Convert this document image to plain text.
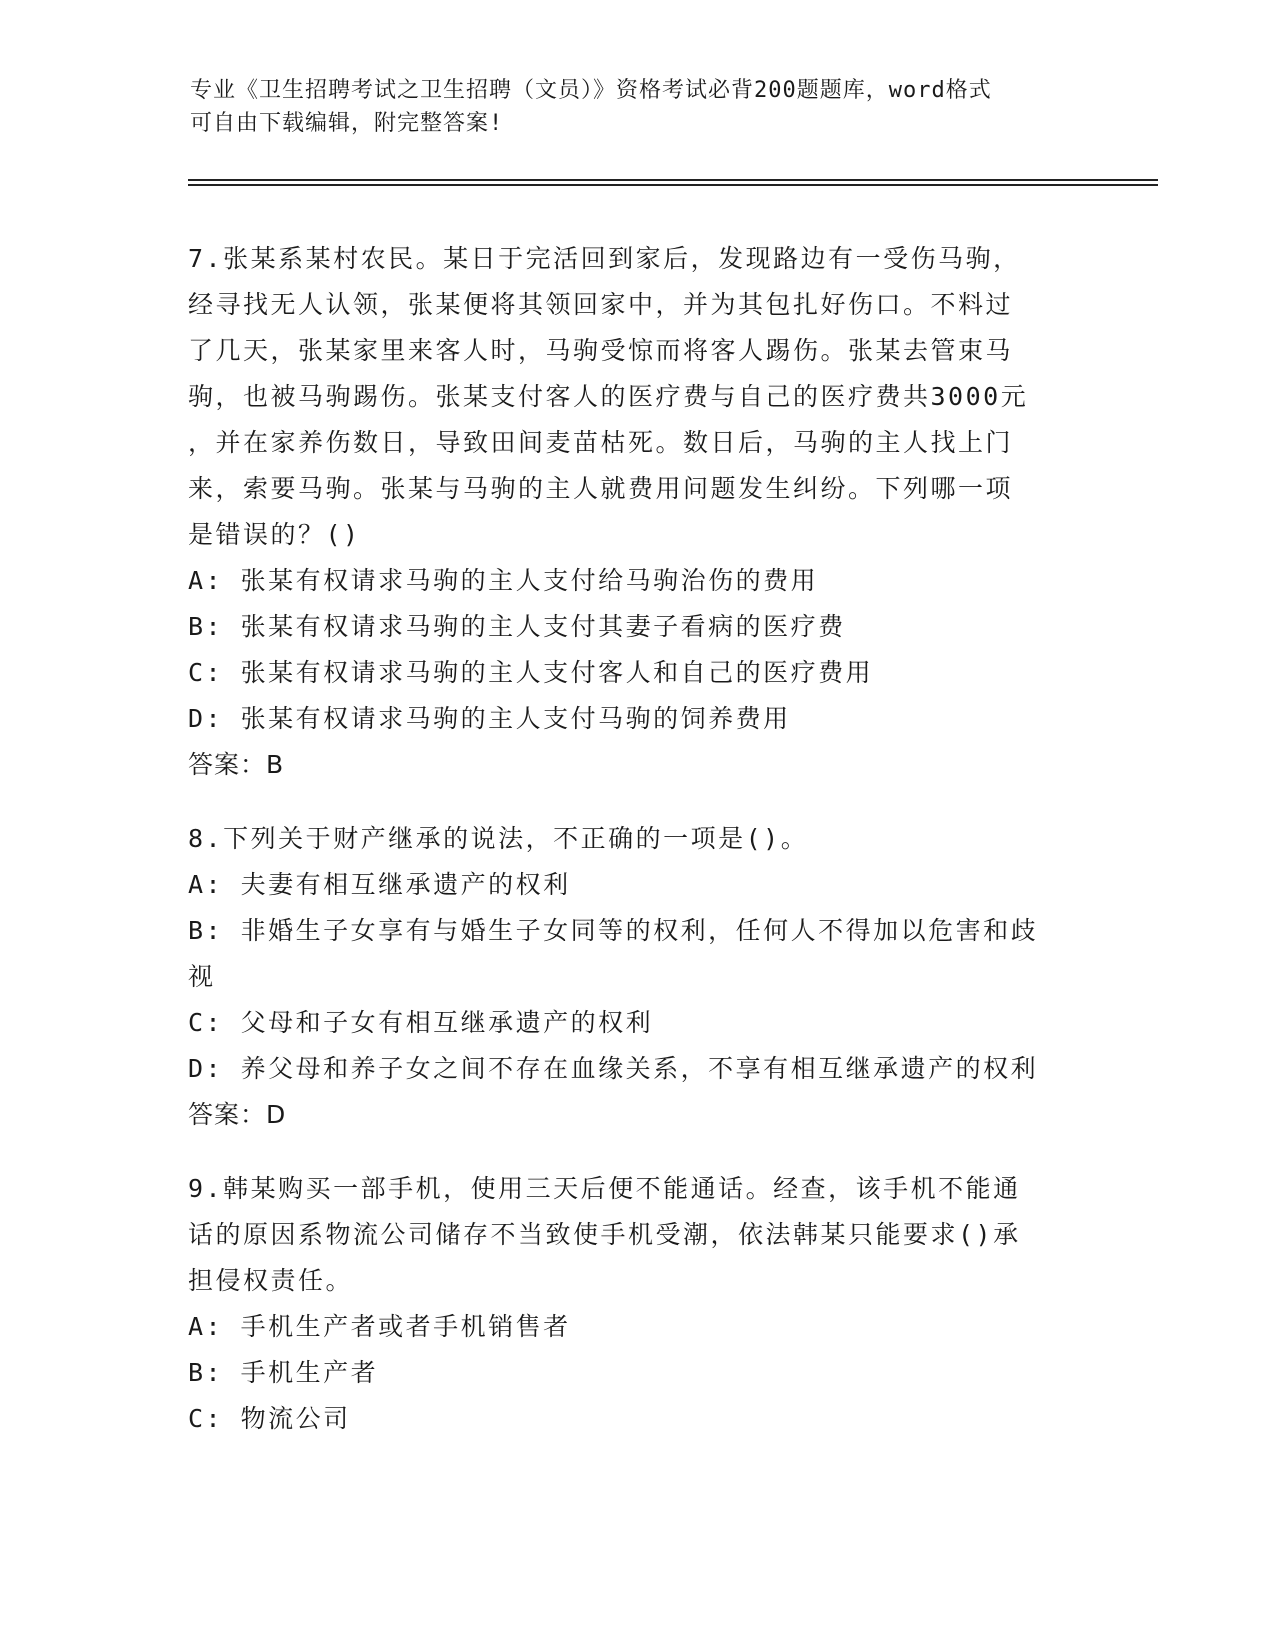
专业《卫生招聘考试之卫生招聘（文员）》资格考试必背200题题库，word格式
可自由下载编辑，附完整答案!
7.张某系某村农民。某日于完活回到家后，发现路边有一受伤马驹，
经寻找无人认领，张某便将其领回家中，并为其包扎好伤口。不料过
了几天，张某家里来客人时，马驹受惊而将客人踢伤。张某去管束马
驹，也被马驹踢伤。张某支付客人的医疗费与自己的医疗费共3000元
，并在家养伤数日，导致田间麦苗枯死。数日后，马驹的主人找上门
来，索要马驹。张某与马驹的主人就费用问题发生纠纷。下列哪一项
是错误的？()
A: 张某有权请求马驹的主人支付给马驹治伤的费用
B: 张某有权请求马驹的主人支付其妻子看病的医疗费
C: 张某有权请求马驹的主人支付客人和自己的医疗费用
D: 张某有权请求马驹的主人支付马驹的饲养费用
答案：B
8.下列关于财产继承的说法，不正确的一项是()。
A: 夫妻有相互继承遗产的权利
B: 非婚生子女享有与婚生子女同等的权利，任何人不得加以危害和歧
视
C: 父母和子女有相互继承遗产的权利
D: 养父母和养子女之间不存在血缘关系，不享有相互继承遗产的权利
答案：D
9.韩某购买一部手机，使用三天后便不能通话。经查，该手机不能通
话的原因系物流公司储存不当致使手机受潮，依法韩某只能要求()承
担侵权责任。
A: 手机生产者或者手机销售者
B: 手机生产者
C: 物流公司
